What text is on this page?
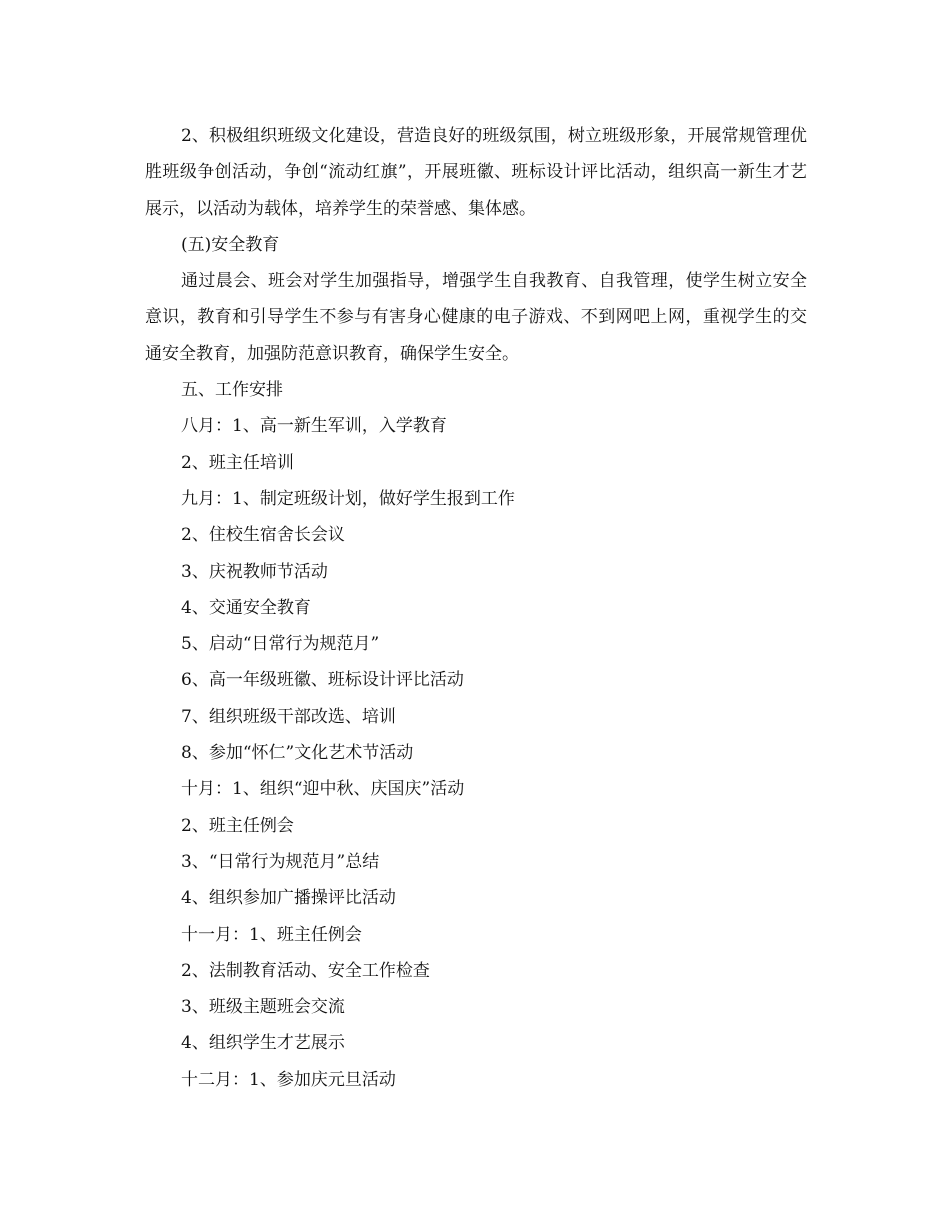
2、积极组织班级文化建设，营造良好的班级氛围，树立班级形象，开展常规管理优胜班级争创活动，争创“流动红旗”，开展班徽、班标设计评比活动，组织高一新生才艺展示，以活动为载体，培养学生的荣誉感、集体感。

(五)安全教育

通过晨会、班会对学生加强指导，增强学生自我教育、自我管理，使学生树立安全意识，教育和引导学生不参与有害身心健康的电子游戏、不到网吧上网，重视学生的交通安全教育，加强防范意识教育，确保学生安全。

五、工作安排

八月：1、高一新生军训，入学教育

2、班主任培训

九月：1、制定班级计划，做好学生报到工作

2、住校生宿舍长会议

3、庆祝教师节活动

4、交通安全教育

5、启动“日常行为规范月”

6、高一年级班徽、班标设计评比活动

7、组织班级干部改选、培训

8、参加“怀仁”文化艺术节活动

十月：1、组织“迎中秋、庆国庆”活动

2、班主任例会

3、“日常行为规范月”总结

4、组织参加广播操评比活动

十一月：1、班主任例会

2、法制教育活动、安全工作检查

3、班级主题班会交流

4、组织学生才艺展示

十二月：1、参加庆元旦活动
